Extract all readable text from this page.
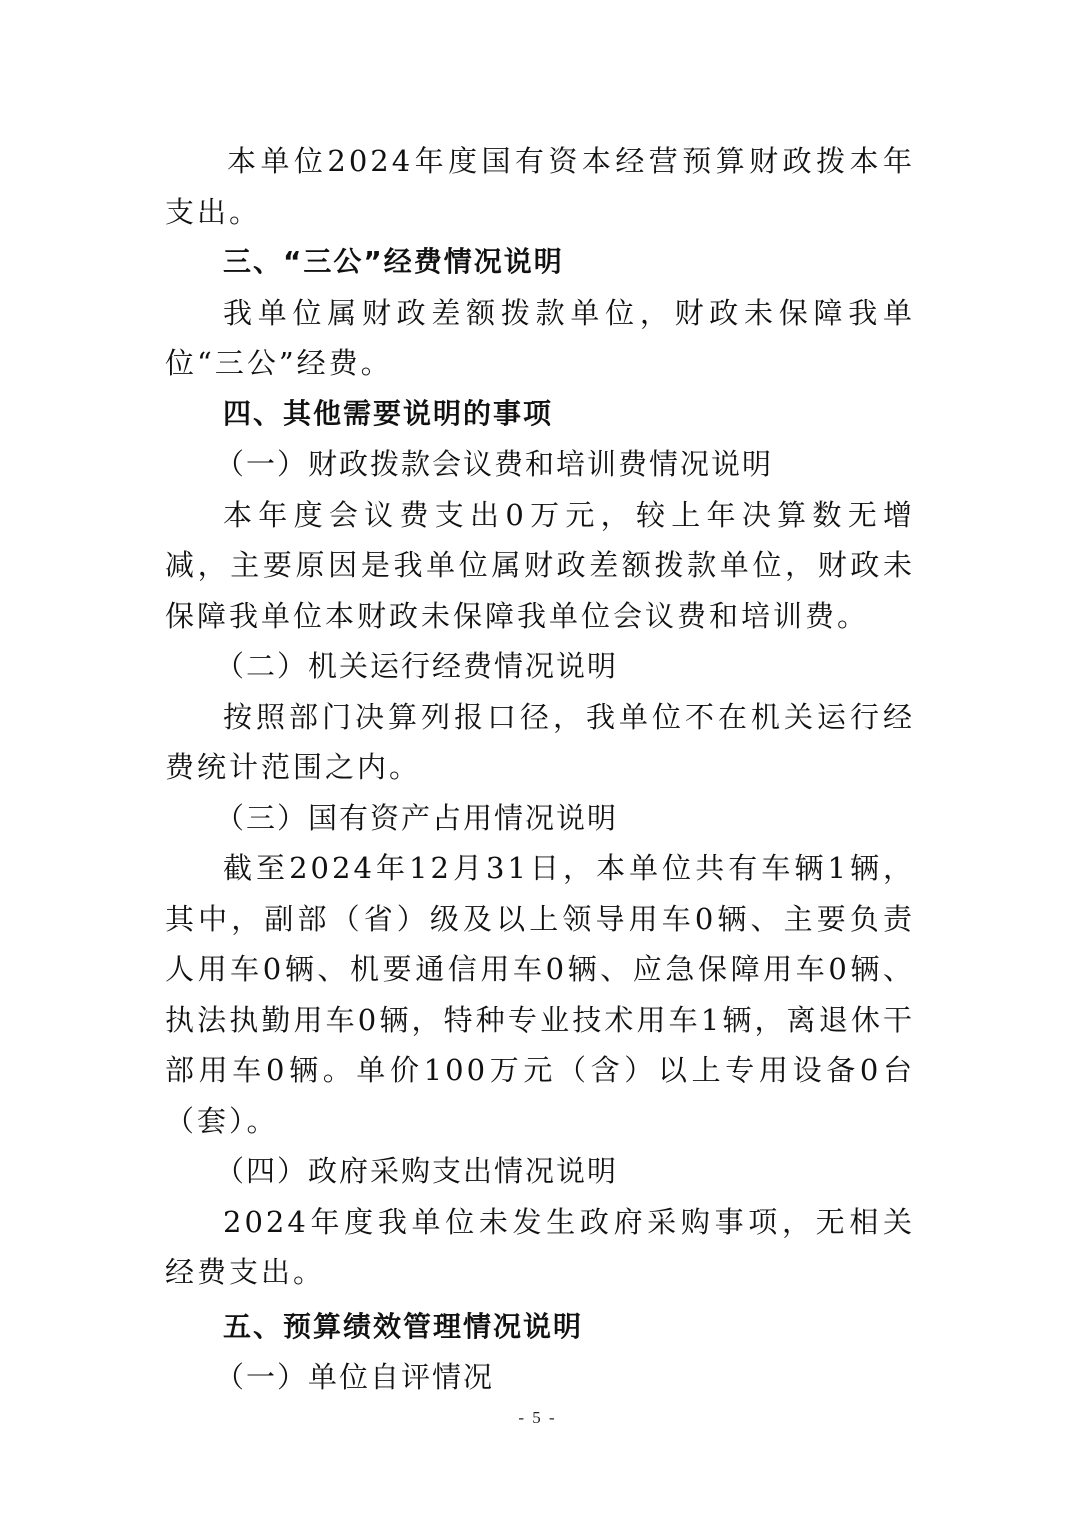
本单位2024年度国有资本经营预算财政拨本年支出。

三、“三公”经费情况说明

我单位属财政差额拨款单位，财政未保障我单位“三公”经费。

四、其他需要说明的事项

（一）财政拨款会议费和培训费情况说明

本年度会议费支出0万元，较上年决算数无增减，主要原因是我单位属财政差额拨款单位，财政未保障我单位本财政未保障我单位会议费和培训费。

（二）机关运行经费情况说明

按照部门决算列报口径，我单位不在机关运行经费统计范围之内。

（三）国有资产占用情况说明

截至2024年12月31日，本单位共有车辆1辆，其中，副部（省）级及以上领导用车0辆、主要负责人用车0辆、机要通信用车0辆、应急保障用车0辆、执法执勤用车0辆，特种专业技术用车1辆，离退休干部用车0辆。单价100万元（含）以上专用设备0台（套）。

（四）政府采购支出情况说明

2024年度我单位未发生政府采购事项，无相关经费支出。

五、预算绩效管理情况说明

（一）单位自评情况

- 5 -
